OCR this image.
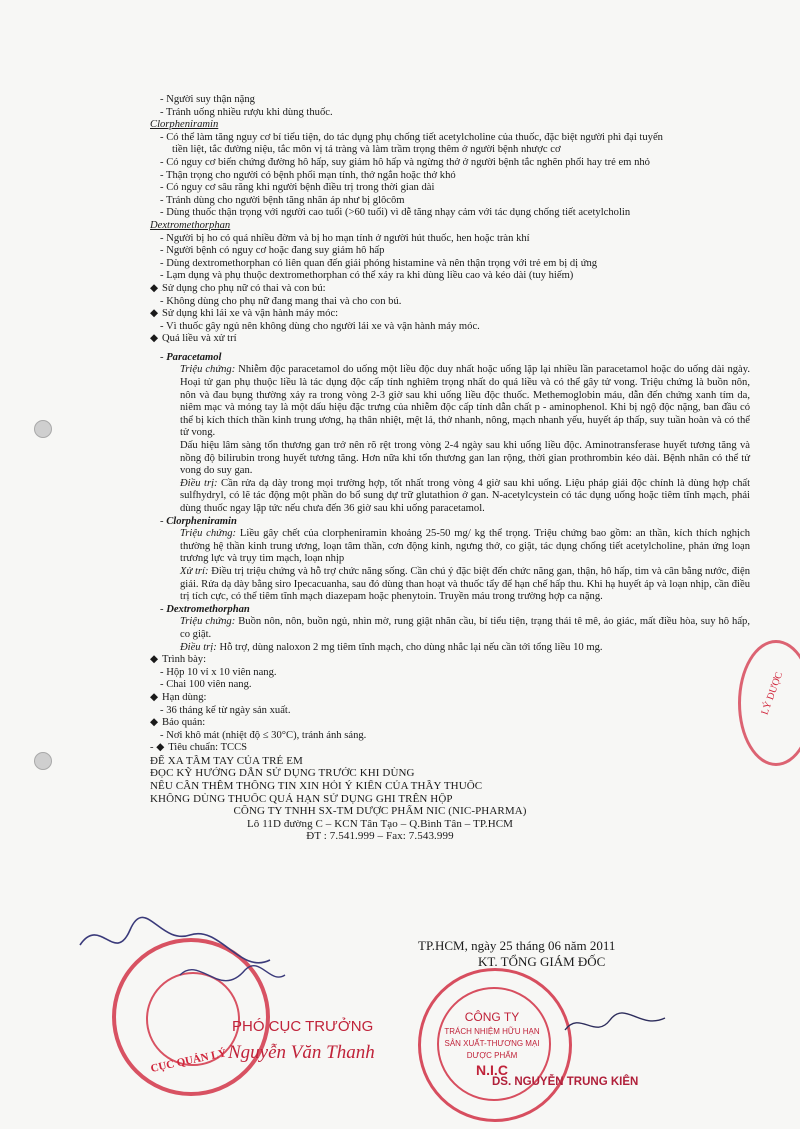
- Người suy thận nặng
- Tránh uống nhiều rượu khi dùng thuốc.
Clorpheniramin
- Có thể làm tăng nguy cơ bí tiểu tiện, do tác dụng phụ chống tiết acetylcholine của thuốc, đặc biệt người phì đại tuyến
tiền liệt, tắc đường niệu, tắc môn vị tá tràng và làm trầm trọng thêm ở người bệnh nhược cơ
- Có nguy cơ biến chứng đường hô hấp, suy giảm hô hấp và ngừng thở ở người bệnh tắc nghẽn phổi hay trẻ em nhỏ
- Thận trọng cho người có bệnh phổi mạn tính, thở ngắn hoặc thở khó
- Có nguy cơ sâu răng khi người bệnh điều trị trong thời gian dài
- Tránh dùng cho người bệnh tăng nhãn áp như bị glôcôm
- Dùng thuốc thận trọng với người cao tuổi (>60 tuổi) vì dễ tăng nhạy cảm với tác dụng chống tiết acetylcholin
Dextromethorphan
- Người bị ho có quá nhiều đờm và bị ho mạn tính ở người hút thuốc, hen hoặc tràn khí
- Người bệnh có nguy cơ hoặc đang suy giảm hô hấp
- Dùng dextromethorphan có liên quan đến giải phóng histamine và nên thận trọng với trẻ em bị dị ứng
- Lạm dụng và phụ thuộc dextromethorphan có thể xảy ra khi dùng liều cao và kéo dài (tuy hiếm)
◆ Sử dụng cho phụ nữ có thai và con bú:
- Không dùng cho phụ nữ đang mang thai và cho con bú.
◆ Sử dụng khi lái xe và vận hành máy móc:
- Vì thuốc gây ngủ nên không dùng cho người lái xe và vận hành máy móc.
◆ Quá liều và xử trí
- Paracetamol
Triệu chứng: Nhiễm độc paracetamol do uống một liều độc duy nhất hoặc uống lặp lại nhiều lần paracetamol hoặc do uống dài ngày. Hoại tử gan phụ thuộc liều là tác dụng độc cấp tính nghiêm trọng nhất do quá liều và có thể gây tử vong. Triệu chứng là buồn nôn, nôn và đau bụng thường xảy ra trong vòng 2-3 giờ sau khi uống liều độc thuốc. Methemoglobin máu, dẫn đến chứng xanh tím da, niêm mạc và móng tay là một dấu hiệu đặc trưng của nhiễm độc cấp tính dẫn chất p - aminophenol. Khi bị ngộ độc nặng, ban đầu có thể bị kích thích thần kinh trung ương, hạ thân nhiệt, mệt lả, thở nhanh, nông, mạch nhanh yếu, huyết áp thấp, suy tuần hoàn và có thể tử vong.
Dấu hiệu lâm sàng tổn thương gan trở nên rõ rệt trong vòng 2-4 ngày sau khi uống liều độc. Aminotransferase huyết tương tăng và nồng độ bilirubin trong huyết tương tăng. Hơn nữa khi tổn thương gan lan rộng, thời gian prothrombin kéo dài. Bệnh nhân có thể tử vong do suy gan.
Điều trị: Cần rửa dạ dày trong mọi trường hợp, tốt nhất trong vòng 4 giờ sau khi uống. Liệu pháp giải độc chính là dùng hợp chất sulfhydryl, có lẽ tác động một phần do bổ sung dự trữ glutathion ở gan. N-acetylcystein có tác dụng uống hoặc tiêm tĩnh mạch, phải dùng thuốc ngay lập tức nếu chưa đến 36 giờ sau khi uống paracetamol.
- Clorpheniramin
Triệu chứng: Liều gây chết của clorpheniramin khoảng 25-50 mg/ kg thể trọng. Triệu chứng bao gồm: an thần, kích thích nghịch thường hệ thần kinh trung ương, loạn tâm thần, cơn động kinh, ngưng thở, co giật, tác dụng chống tiết acetylcholine, phản ứng loạn trương lực và trụy tim mạch, loạn nhịp
Xử trí: Điều trị triệu chứng và hỗ trợ chức năng sống. Cần chú ý đặc biệt đến chức năng gan, thận, hô hấp, tim và cân bằng nước, điện giải. Rửa dạ dày bằng siro Ipecacuanha, sau đó dùng than hoạt và thuốc tẩy để hạn chế hấp thu. Khi hạ huyết áp và loạn nhịp, cần điều trị tích cực, có thể tiêm tĩnh mạch diazepam hoặc phenytoin. Truyền máu trong trường hợp ca nặng.
- Dextromethorphan
Triệu chứng: Buồn nôn, nôn, buồn ngủ, nhìn mờ, rung giật nhãn cầu, bí tiểu tiện, trạng thái tê mê, ảo giác, mất điều hòa, suy hô hấp, co giật.
Điều trị: Hỗ trợ, dùng naloxon 2 mg tiêm tĩnh mạch, cho dùng nhắc lại nếu cần tới tổng liều 10 mg.
◆ Trình bày:
- Hộp 10 vỉ x 10 viên nang.
- Chai 100 viên nang.
◆ Hạn dùng:
- 36 tháng kể từ ngày sản xuất.
◆ Bảo quản:
- Nơi khô mát (nhiệt độ ≤ 30°C), tránh ánh sáng.
- ◆ Tiêu chuẩn: TCCS
ĐỂ XA TẦM TAY CỦA TRẺ EM
ĐỌC KỸ HƯỚNG DẪN SỬ DỤNG TRƯỚC KHI DÙNG
NẾU CẦN THÊM THÔNG TIN XIN HỎI Ý KIẾN CỦA THẦY THUỐC
KHÔNG DÙNG THUỐC QUÁ HẠN SỬ DỤNG GHI TRÊN HỘP
CÔNG TY TNHH SX-TM DƯỢC PHẨM NIC (NIC-PHARMA)
Lô 11D đường C – KCN Tân Tạo – Q.Bình Tân – TP.HCM
ĐT : 7.541.999 – Fax: 7.543.999
TP.HCM, ngày 25 tháng 06 năm 2011
KT. TỔNG GIÁM ĐỐC
CỤC QUẢN LÝ
PHÓ CỤC TRƯỞNG
Nguyễn Văn Thanh
CÔNG TY
TRÁCH NHIỆM HỮU HẠN
SẢN XUẤT-THƯƠNG MẠI
DƯỢC PHẨM
N.I.C
DS. NGUYỄN TRUNG KIÊN
LÝ DƯỢC
